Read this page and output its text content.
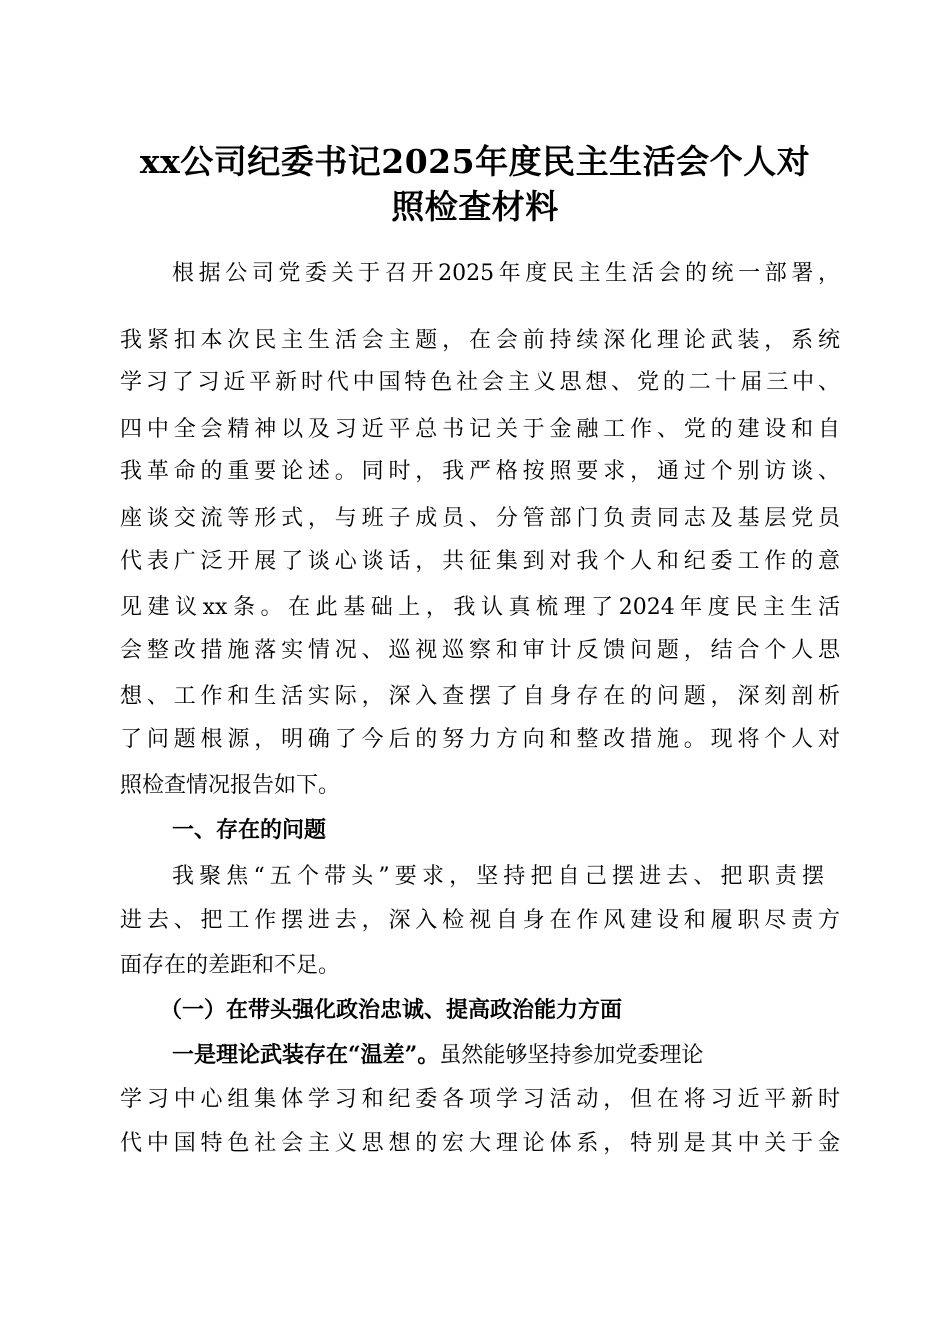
xx公司纪委书记2025年度民主生活会个人对
照检查材料
根据公司党委关于召开2025年度民主生活会的统一部署，
我紧扣本次民主生活会主题，在会前持续深化理论武装，系统
学习了习近平新时代中国特色社会主义思想、党的二十届三中、
四中全会精神以及习近平总书记关于金融工作、党的建设和自
我革命的重要论述。同时，我严格按照要求，通过个别访谈、
座谈交流等形式，与班子成员、分管部门负责同志及基层党员
代表广泛开展了谈心谈话，共征集到对我个人和纪委工作的意
见建议xx条。在此基础上，我认真梳理了2024年度民主生活
会整改措施落实情况、巡视巡察和审计反馈问题，结合个人思
想、工作和生活实际，深入查摆了自身存在的问题，深刻剖析
了问题根源，明确了今后的努力方向和整改措施。现将个人对
照检查情况报告如下。
一、存在的问题
我聚焦“五个带头”要求，坚持把自己摆进去、把职责摆
进去、把工作摆进去，深入检视自身在作风建设和履职尽责方
面存在的差距和不足。
（一）在带头强化政治忠诚、提高政治能力方面
一是理论武装存在“温差”。虽然能够坚持参加党委理论
学习中心组集体学习和纪委各项学习活动，但在将习近平新时
代中国特色社会主义思想的宏大理论体系，特别是其中关于金
